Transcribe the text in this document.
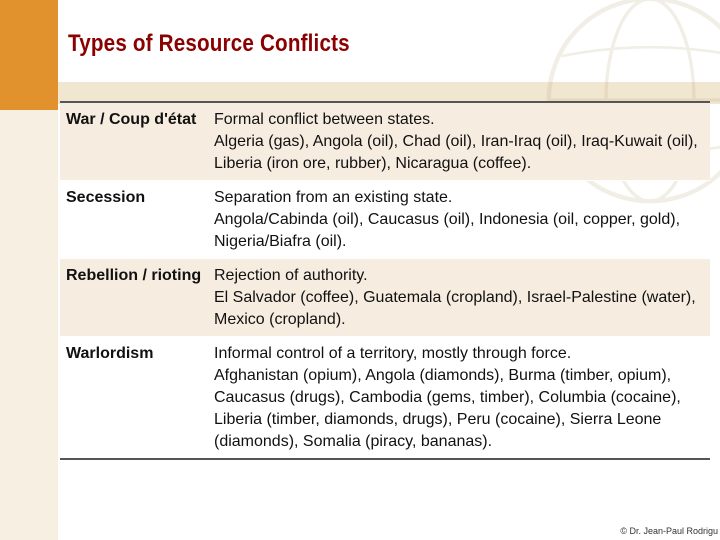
Types of Resource Conflicts
War / Coup d'état	Formal conflict between states.
Algeria (gas), Angola (oil), Chad (oil), Iran-Iraq (oil), Iraq-Kuwait (oil), Liberia (iron ore, rubber), Nicaragua (coffee).

Secession	Separation from an existing state.
Angola/Cabinda (oil), Caucasus (oil), Indonesia (oil, copper, gold), Nigeria/Biafra (oil).

Rebellion / rioting	Rejection of authority.
El Salvador (coffee), Guatemala (cropland), Israel-Palestine (water), Mexico (cropland).

Warlordism	Informal control of a territory, mostly through force.
Afghanistan (opium), Angola (diamonds), Burma (timber, opium), Caucasus (drugs), Cambodia (gems, timber), Columbia (cocaine), Liberia (timber, diamonds, drugs), Peru (cocaine), Sierra Leone (diamonds), Somalia (piracy, bananas).
© Dr. Jean-Paul Rodrigu
